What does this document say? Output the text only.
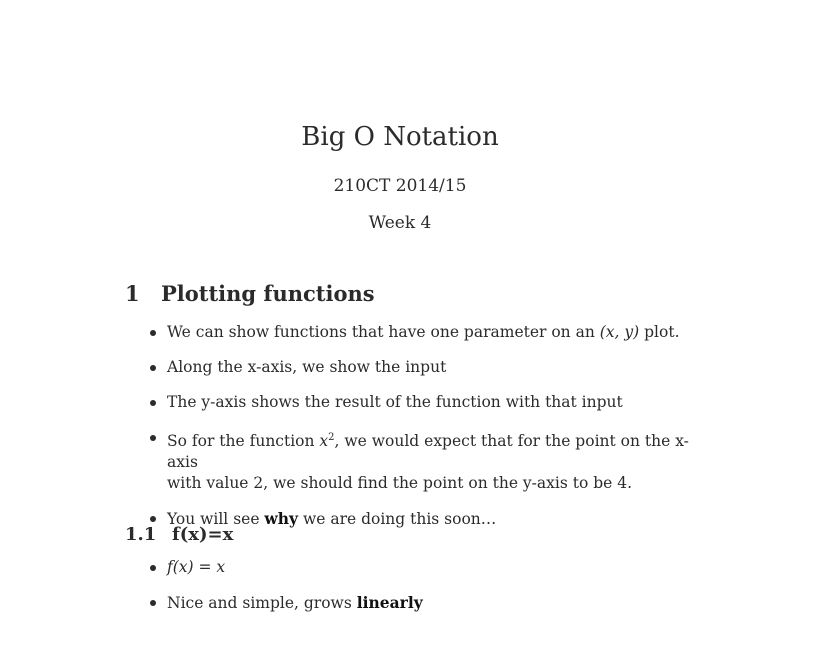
Big O Notation
210CT 2014/15
Week 4
1 Plotting functions
We can show functions that have one parameter on an (x, y) plot.
Along the x-axis, we show the input
The y-axis shows the result of the function with that input
So for the function $x^2$, we would expect that for the point on the x-axis
with value 2, we should find the point on the y-axis to be 4.
You will see why we are doing this soon…
1.1 f(x)=x
f(x) = x
Nice and simple, grows linearly
